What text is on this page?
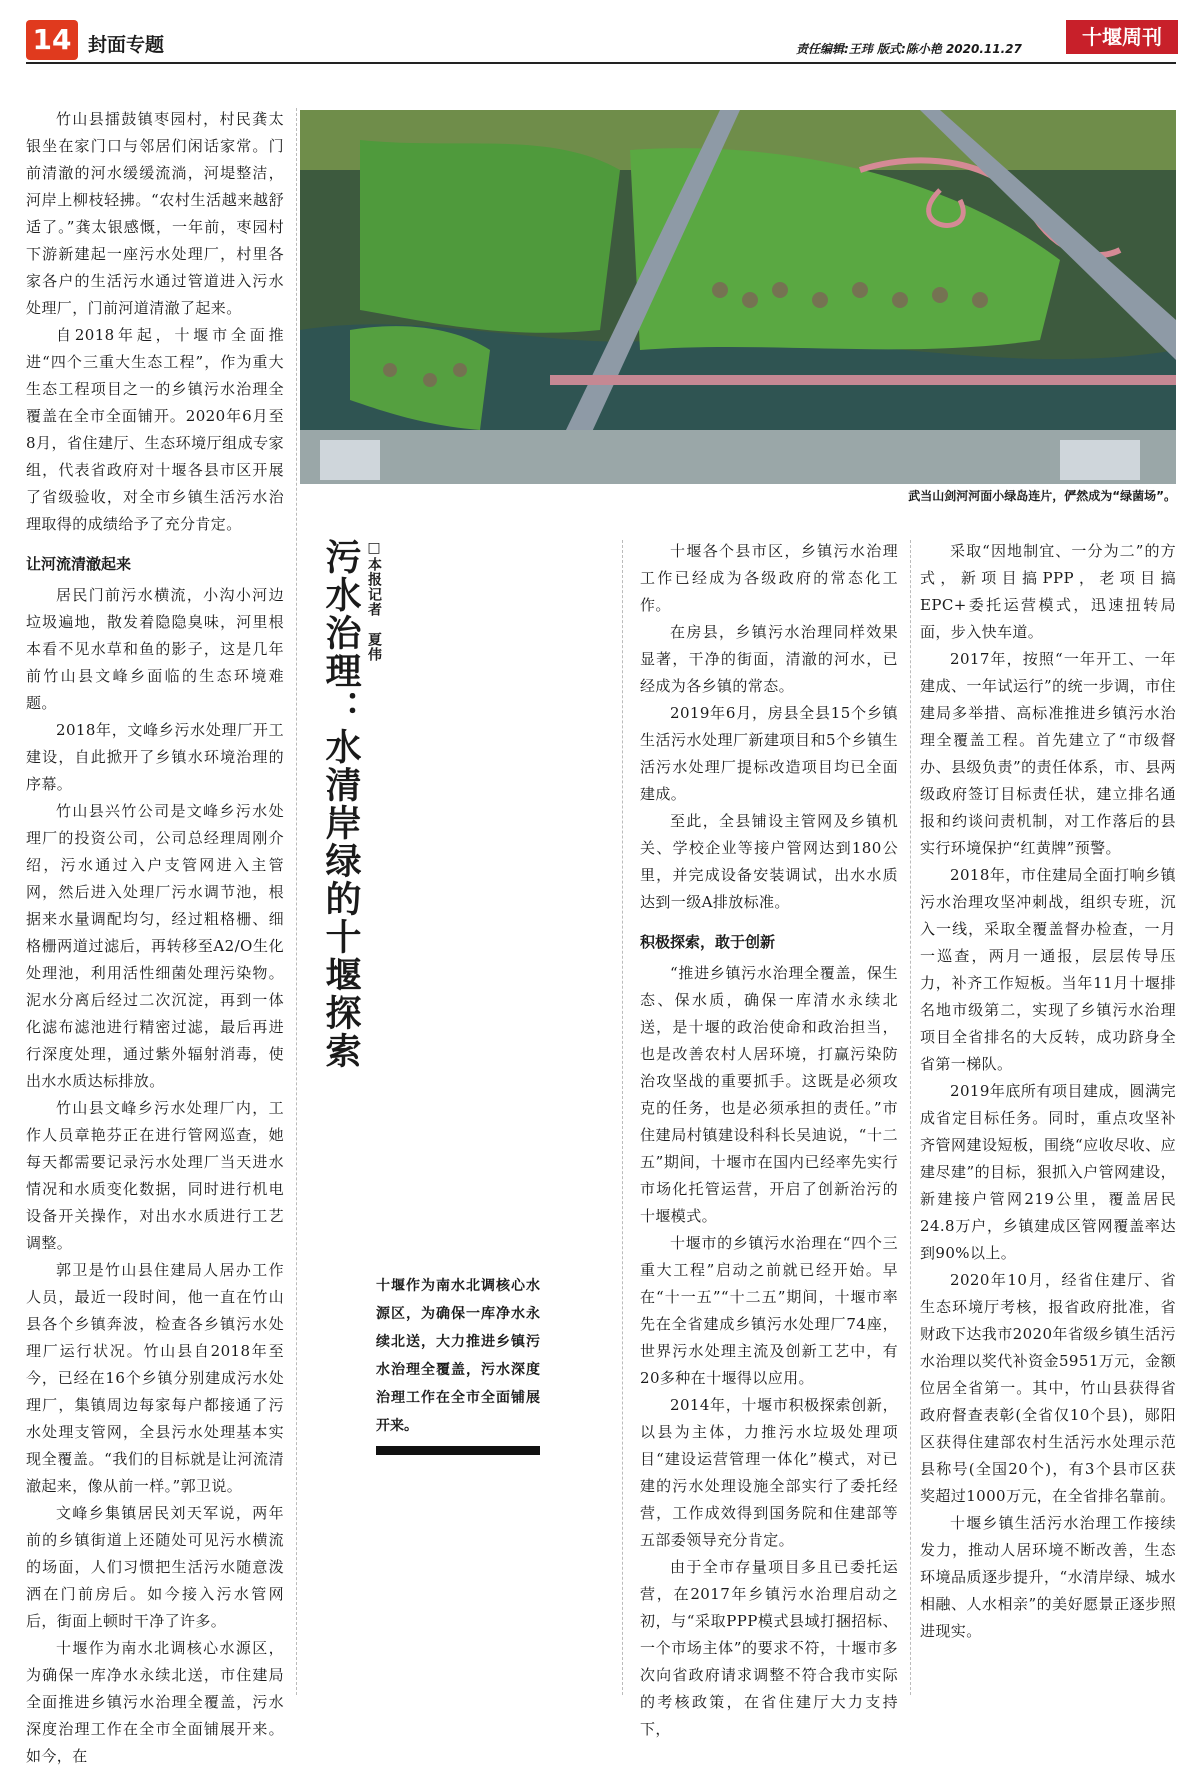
14 封面专题	责任编辑:王玮 版式:陈小艳 2020.11.27	十堰周刊
武当山剑河河面小绿岛连片，俨然成为“绿菌场”。

竹山县擂鼓镇枣园村，村民龚太银坐在家门口与邻居们闲话家常。门前清澈的河水缓缓流淌，河堤整洁，河岸上柳枝轻拂。“农村生活越来越舒适了。”龚太银感慨，一年前，枣园村下游新建起一座污水处理厂，村里各家各户的生活污水通过管道进入污水处理厂，门前河道清澈了起来。

自2018年起，十堰市全面推进“四个三重大生态工程”，作为重大生态工程项目之一的乡镇污水治理全覆盖在全市全面铺开。2020年6月至8月，省住建厅、生态环境厅组成专家组，代表省政府对十堰各县市区开展了省级验收，对全市乡镇生活污水治理取得的成绩给予了充分肯定。

让河流清澈起来

居民门前污水横流，小沟小河边垃圾遍地，散发着隐隐臭味，河里根本看不见水草和鱼的影子，这是几年前竹山县文峰乡面临的生态环境难题。

2018年，文峰乡污水处理厂开工建设，自此掀开了乡镇水环境治理的序幕。

竹山县兴竹公司是文峰乡污水处理厂的投资公司，公司总经理周刚介绍，污水通过入户支管网进入主管网，然后进入处理厂污水调节池，根据来水量调配均匀，经过粗格栅、细格栅两道过滤后，再转移至A2/O生化处理池，利用活性细菌处理污染物。泥水分离后经过二次沉淀，再到一体化滤布滤池进行精密过滤，最后再进行深度处理，通过紫外辐射消毒，使出水水质达标排放。

竹山县文峰乡污水处理厂内，工作人员章艳芬正在进行管网巡查，她每天都需要记录污水处理厂当天进水情况和水质变化数据，同时进行机电设备开关操作，对出水水质进行工艺调整。

郭卫是竹山县住建局人居办工作人员，最近一段时间，他一直在竹山县各个乡镇奔波，检查各乡镇污水处理厂运行状况。竹山县自2018年至今，已经在16个乡镇分别建成污水处理厂，集镇周边每家每户都接通了污水处理支管网，全县污水处理基本实现全覆盖。“我们的目标就是让河流清澈起来，像从前一样。”郭卫说。

文峰乡集镇居民刘天军说，两年前的乡镇街道上还随处可见污水横流的场面，人们习惯把生活污水随意泼洒在门前房后。如今接入污水管网后，街面上顿时干净了许多。

十堰作为南水北调核心水源区，为确保一库净水永续北送，市住建局全面推进乡镇污水治理全覆盖，污水深度治理工作在全市全面铺展开来。如今，在

污水治理：水清岸绿的十堰探索 □本报记者　夏伟
十堰作为南水北调核心水源区，为确保一库净水永续北送，大力推进乡镇污水治理全覆盖，污水深度治理工作在全市全面铺展开来。

十堰各个县市区，乡镇污水治理工作已经成为各级政府的常态化工作。

在房县，乡镇污水治理同样效果显著，干净的街面，清澈的河水，已经成为各乡镇的常态。

2019年6月，房县全县15个乡镇生活污水处理厂新建项目和5个乡镇生活污水处理厂提标改造项目均已全面建成。

至此，全县铺设主管网及乡镇机关、学校企业等接户管网达到180公里，并完成设备安装调试，出水水质达到一级A排放标准。

积极探索，敢于创新

“推进乡镇污水治理全覆盖，保生态、保水质，确保一库清水永续北送，是十堰的政治使命和政治担当，也是改善农村人居环境，打赢污染防治攻坚战的重要抓手。这既是必须攻克的任务，也是必须承担的责任。”市住建局村镇建设科科长吴迪说，“十二五”期间，十堰市在国内已经率先实行市场化托管运营，开启了创新治污的十堰模式。

十堰市的乡镇污水治理在“四个三重大工程”启动之前就已经开始。早在“十一五”“十二五”期间，十堰市率先在全省建成乡镇污水处理厂74座，世界污水处理主流及创新工艺中，有20多种在十堰得以应用。

2014年，十堰市积极探索创新，以县为主体，力推污水垃圾处理项目“建设运营管理一体化”模式，对已建的污水处理设施全部实行了委托经营，工作成效得到国务院和住建部等五部委领导充分肯定。

由于全市存量项目多且已委托运营，在2017年乡镇污水治理启动之初，与“采取PPP模式县域打捆招标、一个市场主体”的要求不符，十堰市多次向省政府请求调整不符合我市实际的考核政策，在省住建厅大力支持下，

采取“因地制宜、一分为二”的方式，新项目搞PPP，老项目搞EPC+委托运营模式，迅速扭转局面，步入快车道。

2017年，按照“一年开工、一年建成、一年试运行”的统一步调，市住建局多举措、高标准推进乡镇污水治理全覆盖工程。首先建立了“市级督办、县级负责”的责任体系，市、县两级政府签订目标责任状，建立排名通报和约谈问责机制，对工作落后的县实行环境保护“红黄牌”预警。

2018年，市住建局全面打响乡镇污水治理攻坚冲刺战，组织专班，沉入一线，采取全覆盖督办检查，一月一巡查，两月一通报，层层传导压力，补齐工作短板。当年11月十堰排名地市级第二，实现了乡镇污水治理项目全省排名的大反转，成功跻身全省第一梯队。

2019年底所有项目建成，圆满完成省定目标任务。同时，重点攻坚补齐管网建设短板，围绕“应收尽收、应建尽建”的目标，狠抓入户管网建设，新建接户管网219公里，覆盖居民24.8万户，乡镇建成区管网覆盖率达到90%以上。

2020年10月，经省住建厅、省生态环境厅考核，报省政府批准，省财政下达我市2020年省级乡镇生活污水治理以奖代补资金5951万元，金额位居全省第一。其中，竹山县获得省政府督查表彰(全省仅10个县)，郧阳区获得住建部农村生活污水处理示范县称号(全国20个)，有3个县市区获奖超过1000万元，在全省排名靠前。

十堰乡镇生活污水治理工作接续发力，推动人居环境不断改善，生态环境品质逐步提升，“水清岸绿、城水相融、人水相亲”的美好愿景正逐步照进现实。
